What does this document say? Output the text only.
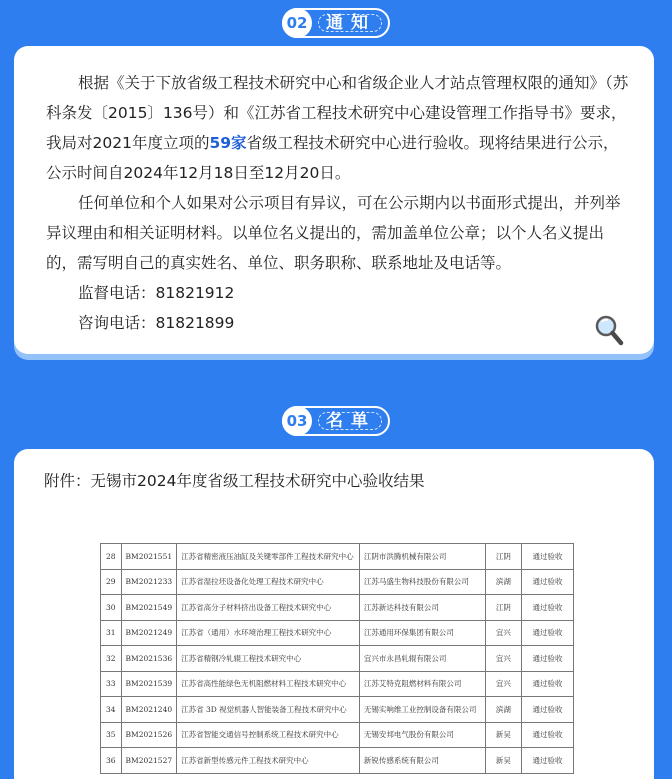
02	通知

根据《关于下放省级工程技术研究中心和省级企业人才站点管理权限的通知》（苏科条发〔2015〕136号）和《江苏省工程技术研究中心建设管理工作指导书》要求，我局对2021年度立项的59家省级工程技术研究中心进行验收。现将结果进行公示，公示时间自2024年12月18日至12月20日。

任何单位和个人如果对公示项目有异议，可在公示期内以书面形式提出，并列举异议理由和相关证明材料。以单位名义提出的，需加盖单位公章；以个人名义提出的，需写明自己的真实姓名、单位、职务职称、联系地址及电话等。

监督电话：81821912

咨询电话：81821899

03	名单
附件：无锡市2024年度省级工程技术研究中心验收结果
28	BM2021551	江苏省精密液压油缸及关键零部件工程技术研究中心	江阴市洪腾机械有限公司	江阴	通过验收
29	BM2021233	江苏省湿拉坯设备化处理工程技术研究中心	江苏马盛生物科技股份有限公司	滨湖	通过验收
30	BM2021549	江苏省高分子材料挤出设备工程技术研究中心	江苏新达科技有限公司	江阴	通过验收
31	BM2021249	江苏省（通用）水环境治理工程技术研究中心	江苏通用环保集团有限公司	宜兴	通过验收
32	BM2021536	江苏省精钢冷轧辊工程技术研究中心	宜兴市永昌轧辊有限公司	宜兴	通过验收
33	BM2021539	江苏省高性能绿色无机阻燃材料工程技术研究中心	江苏艾特克阻燃材料有限公司	宜兴	通过验收
34	BM2021240	江苏省 3D 视觉机器人智能装备工程技术研究中心	无锡实响维工业控制设备有限公司	滨湖	通过验收
35	BM2021526	江苏省智能交通信号控制系统工程技术研究中心	无锡安邦电气股份有限公司	新吴	通过验收
36	BM2021527	江苏省新型传感元件工程技术研究中心	新锐传感系统有限公司	新吴	通过验收
